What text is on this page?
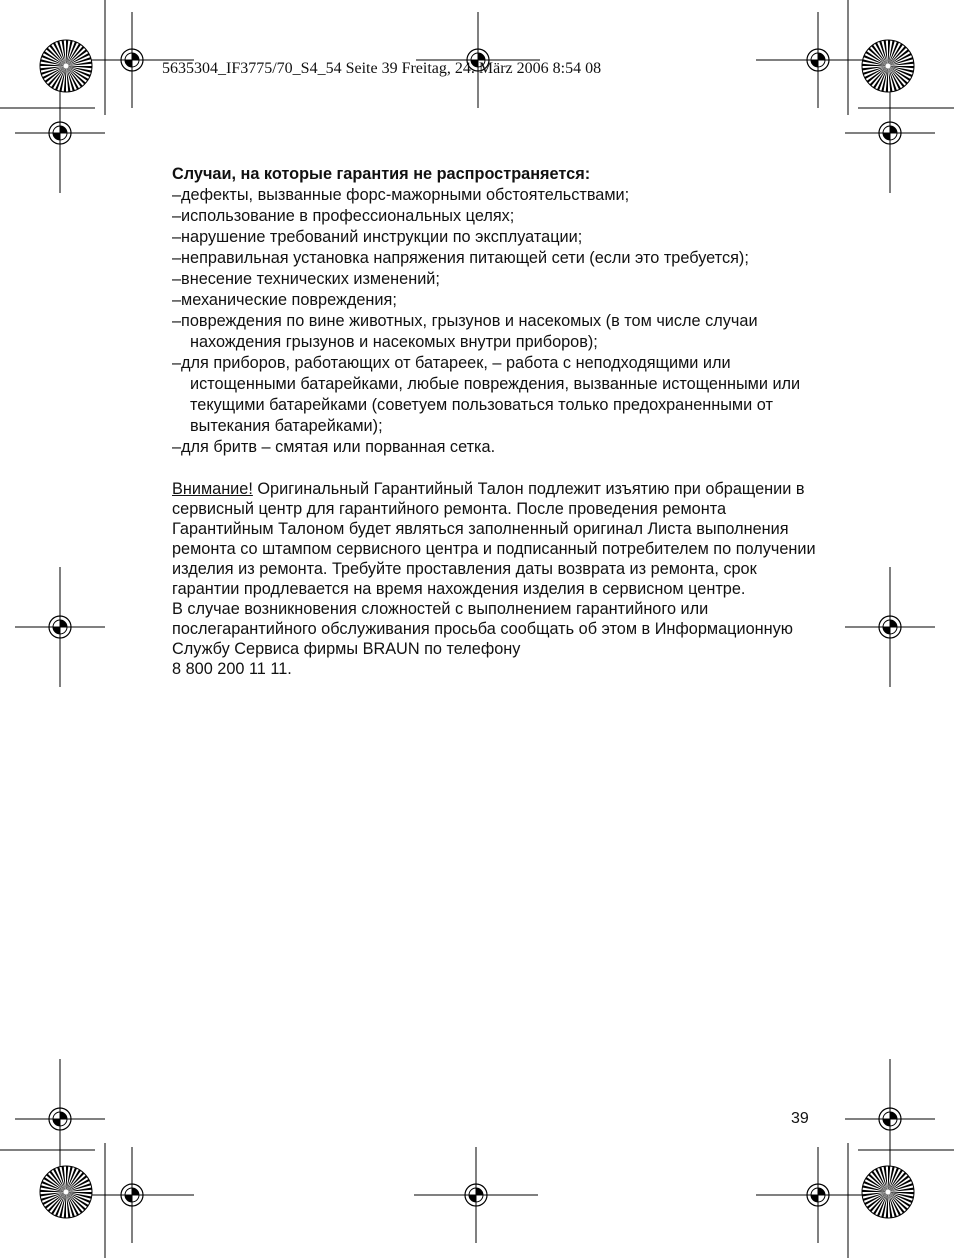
5635304_IF3775/70_S4_54 Seite 39 Freitag, 24. März 2006 8:54 08

Случаи, на которые гарантия не распространяется:

–дефекты, вызванные форс-мажорными обстоятельствами;
–использование в профессиональных целях;
–нарушение требований инструкции по эксплуатации;
–неправильная установка напряжения питающей сети (если это требуется);
–внесение технических изменений;
–механические повреждения;
–повреждения по вине животных, грызунов и насекомых (в том числе случаи нахождения грызунов и насекомых внутри приборов);
–для приборов, работающих от батареек, – работа с неподходящими или истощенными батарейками, любые повреждения, вызванные истощенными или текущими батарейками (советуем пользоваться только предохраненными от вытекания батарейками);
–для бритв – смятая или порванная сетка.

Внимание! Оригинальный Гарантийный Талон подлежит изъятию при обращении в сервисный центр для гарантийного ремонта. После проведения ремонта Гарантийным Талоном будет являться заполненный оригинал Листа выполнения ремонта со штампом сервисного центра и подписанный потребителем по получении изделия из ремонта. Требуйте проставления даты возврата из ремонта, срок гарантии продлевается на время нахождения изделия в сервисном центре.

В случае возникновения сложностей с выполнением гарантийного или послегарантийного обслуживания просьба сообщать об этом в Информационную Службу Сервиса фирмы BRAUN по телефону
8 800 200 11 11.

39
